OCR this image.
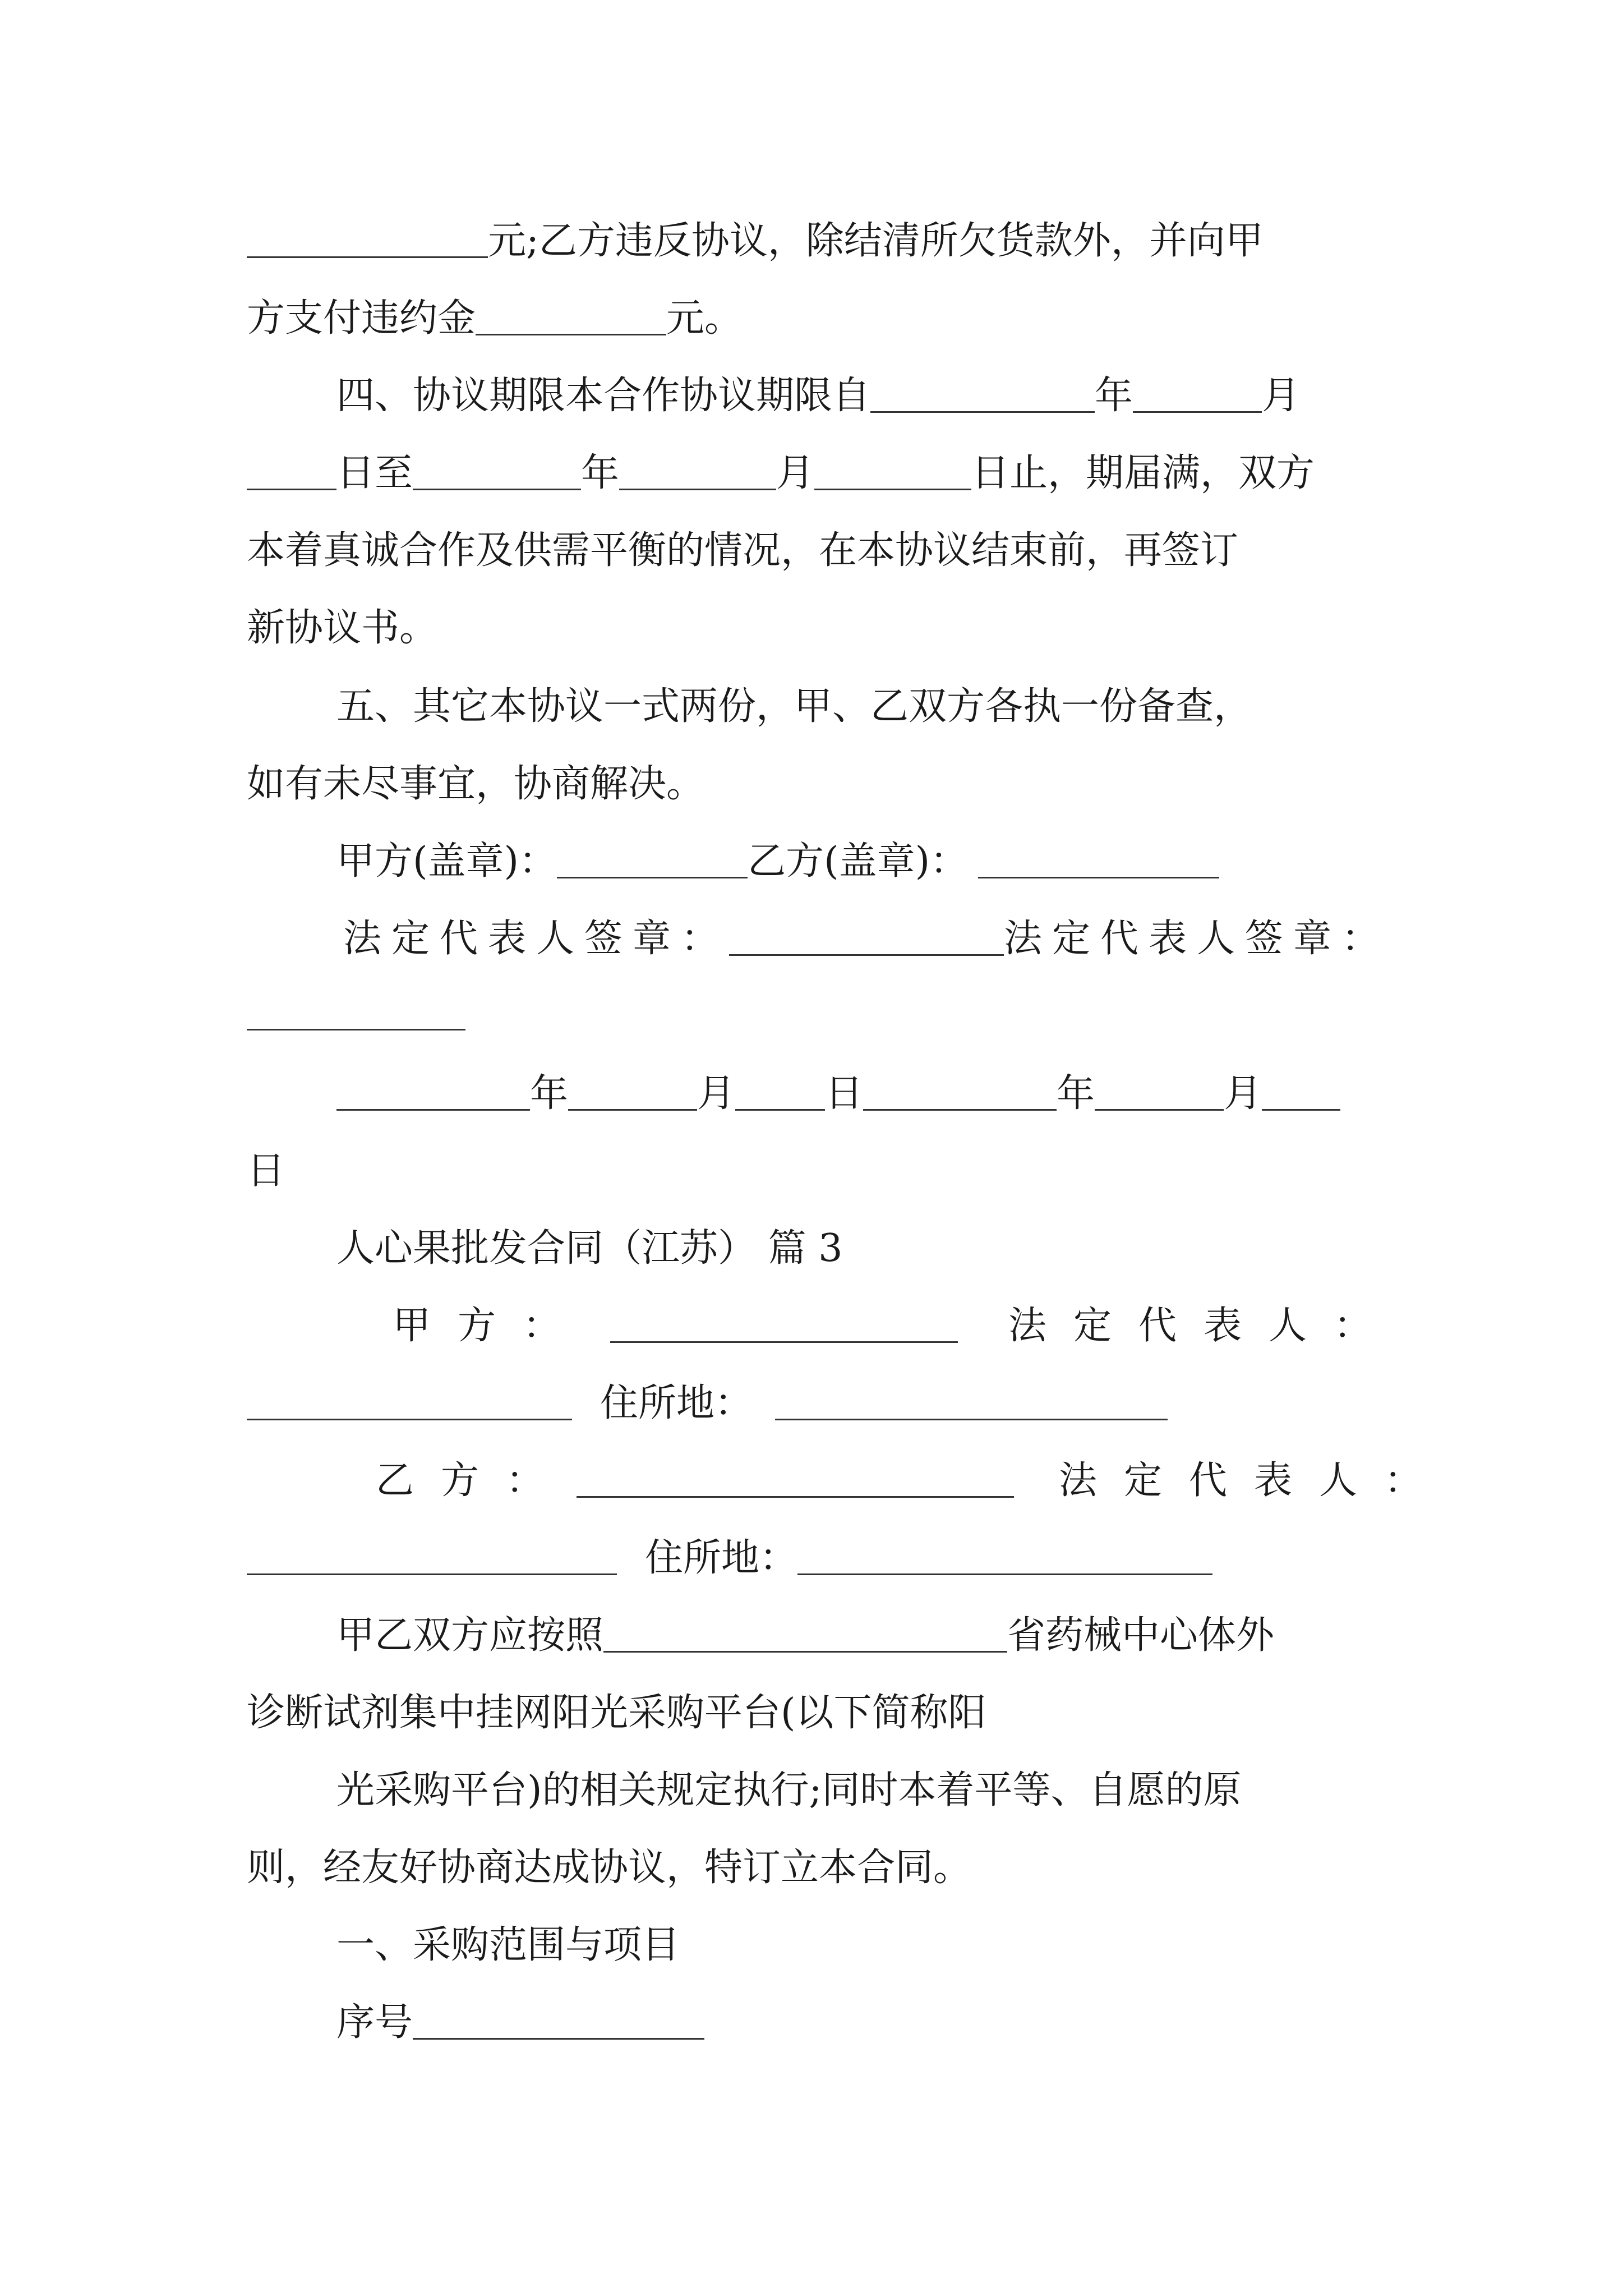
元;乙方违反协议，除结清所欠货款外，并向甲
方支付违约金	元。
四、协议期限本合作协议期限自	年	月
日至	年	月	日止，期届满，双方
本着真诚合作及供需平衡的情况，在本协议结束前，再签订
新协议书。
五、其它本协议一式两份，甲、乙双方各执一份备查，
如有未尽事宜，协商解决。
甲方(盖章)：	乙方(盖章)：
法定代表人签章：	法定代表人签章：
年	月 日	年	月
日
人心果批发合同（江苏） 篇 3
甲方：	法定代表人：
住所地：
乙方：	法定代表人：
住所地：
甲乙双方应按照	省药械中心体外
诊断试剂集中挂网阳光采购平台(以下简称阳
光采购平台)的相关规定执行;同时本着平等、自愿的原
则，经友好协商达成协议，特订立本合同。
一、采购范围与项目
序号
